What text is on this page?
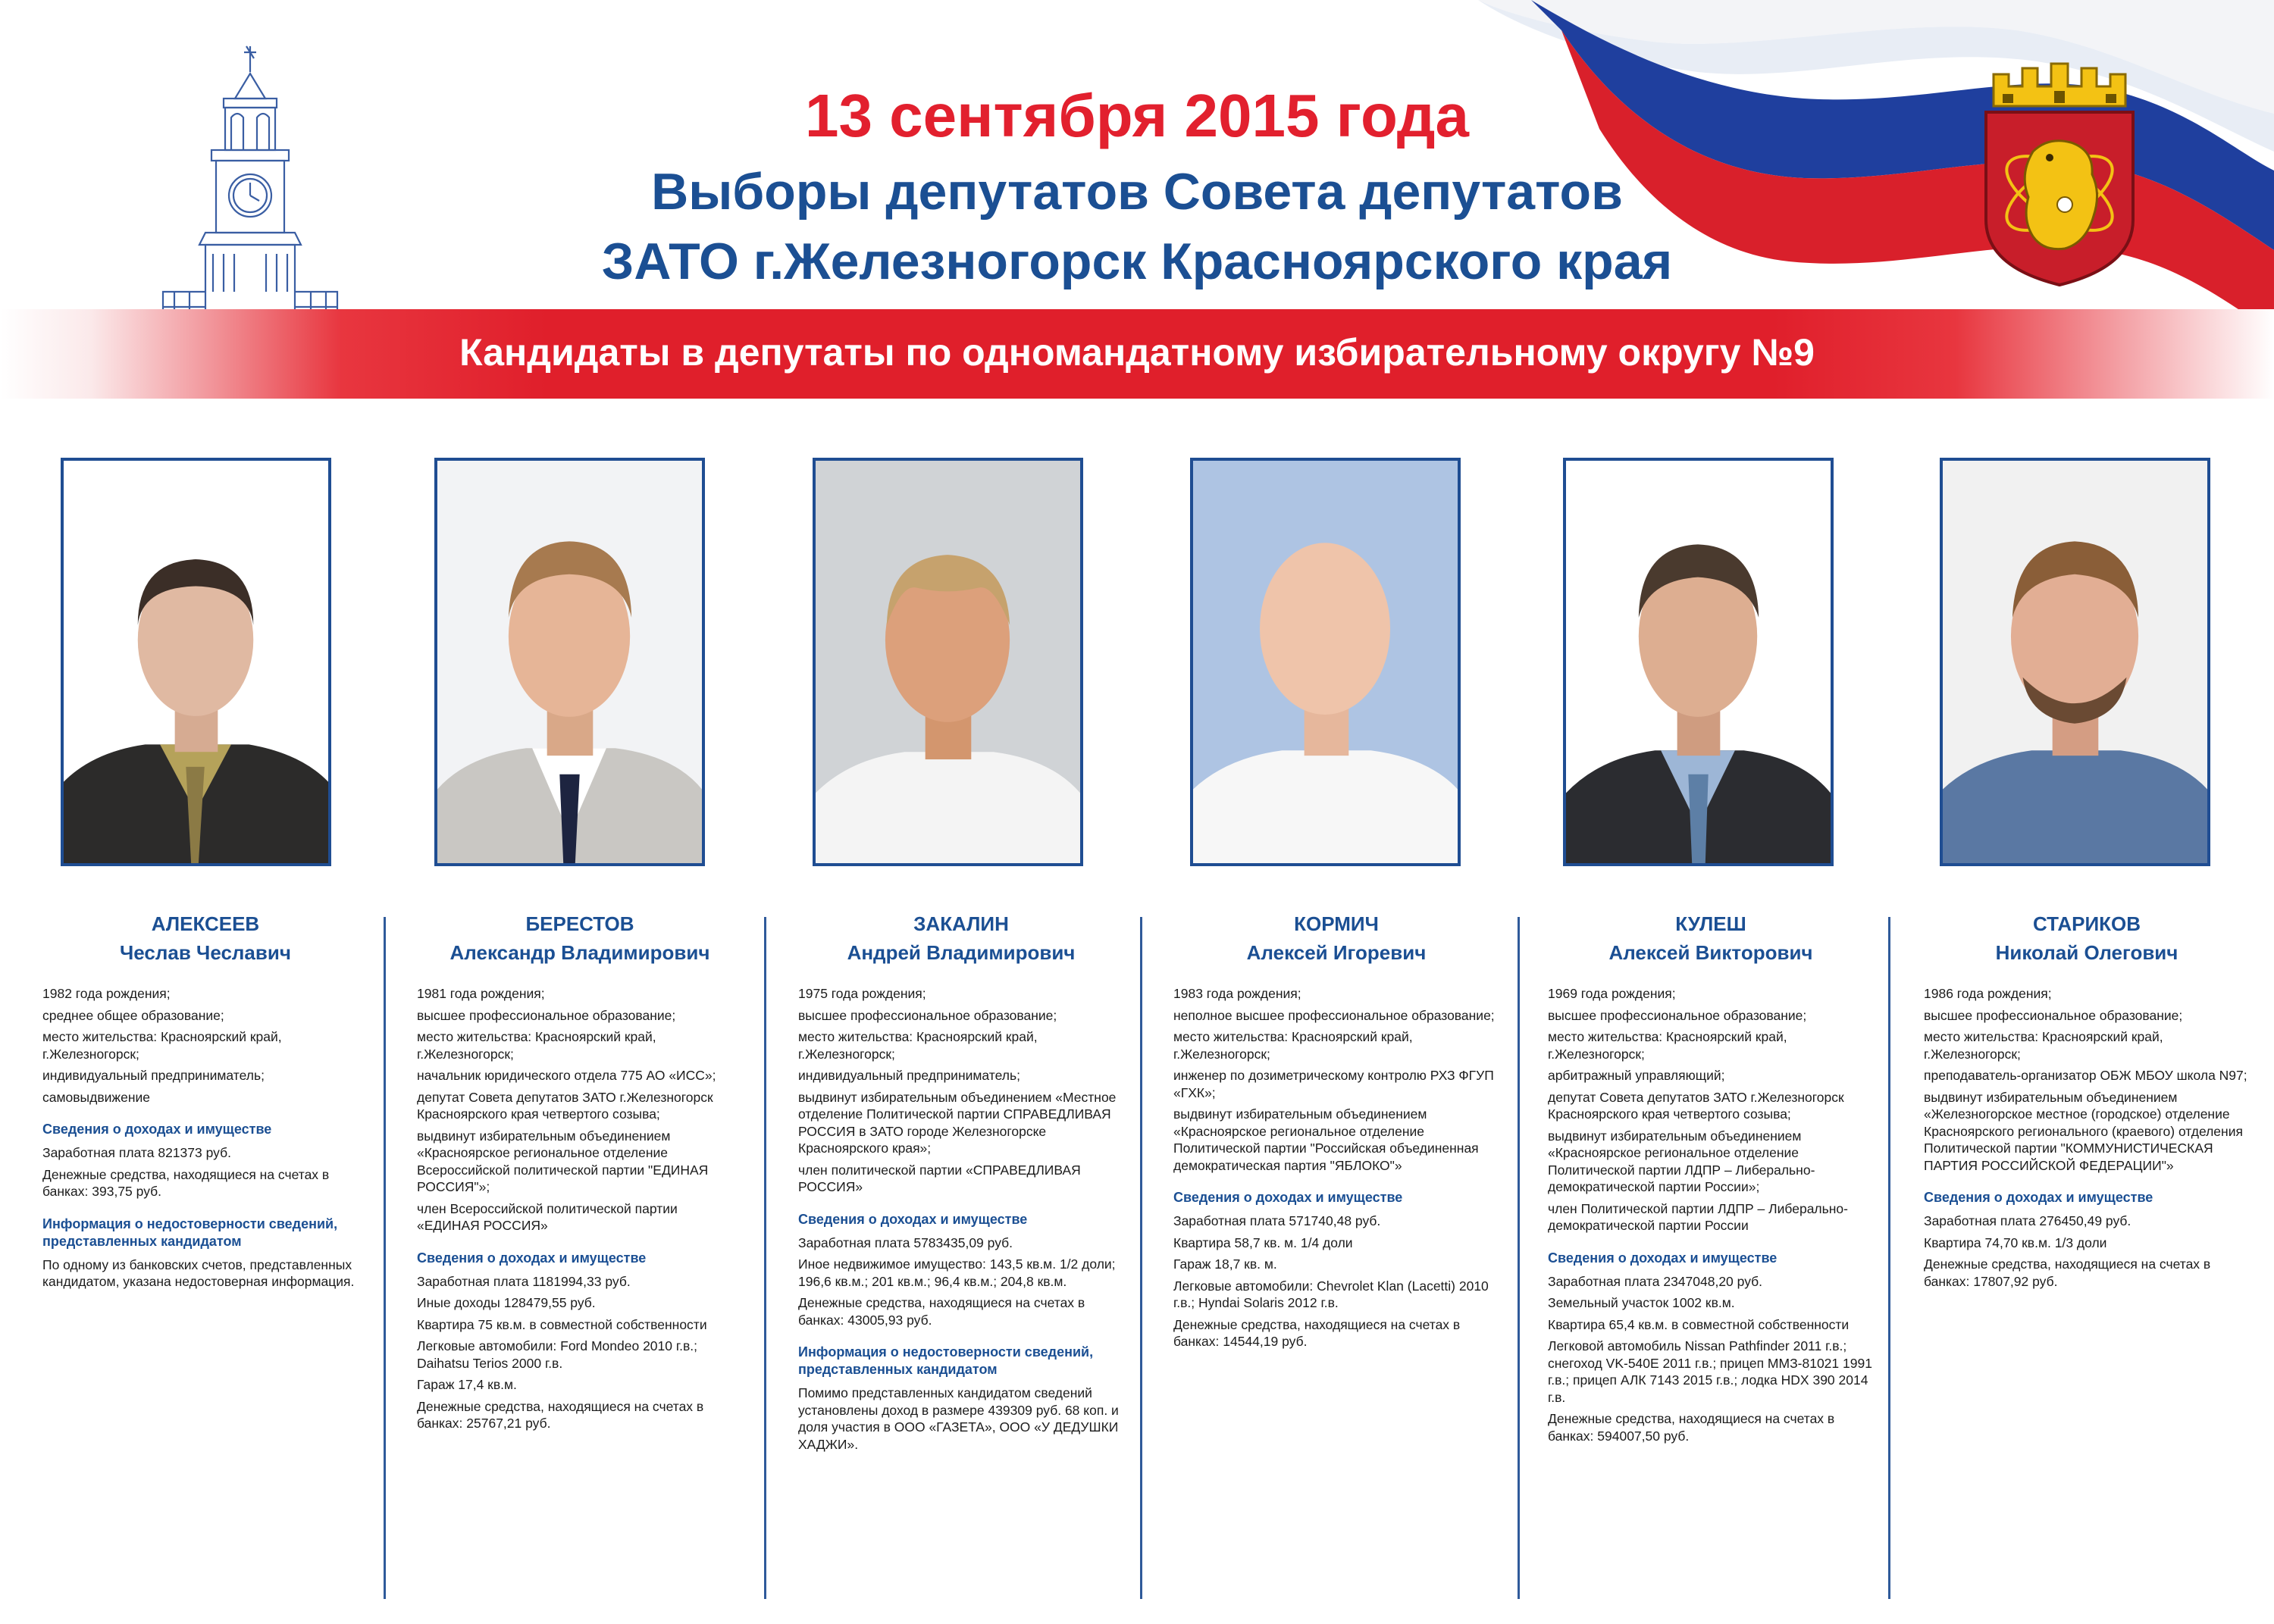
13 сентября 2015 года
Выборы депутатов Совета депутатов
ЗАТО г.Железногорск Красноярского края
Кандидаты в депутаты по одномандатному избирательному округу №9
АЛЕКСЕЕВ
Чеслав Чеславич

1982 года рождения;

среднее общее образование;

место жительства: Красноярский край, г.Железногорск;

индивидуальный предприниматель;

самовыдвижение

Сведения о доходах и имуществе

Заработная плата 821373 руб.

Денежные средства, находящиеся на счетах в банках: 393,75 руб.

Информация о недостоверности сведений, представленных кандидатом

По одному из банковских счетов, представленных кандидатом, указана недостоверная информация.

БЕРЕСТОВ
Александр Владимирович

1981 года рождения;

высшее профессиональное образование;

место жительства: Красноярский край, г.Железногорск;

начальник юридического отдела 775 АО «ИСС»;

депутат Совета депутатов ЗАТО г.Железногорск Красноярского края четвертого созыва;

выдвинут избирательным объединением «Красноярское региональное отделение Всероссийской политической партии "ЕДИНАЯ РОССИЯ"»;

член Всероссийской политической партии «ЕДИНАЯ РОССИЯ»

Сведения о доходах и имуществе

Заработная плата 1181994,33 руб.

Иные доходы 128479,55 руб.

Квартира 75 кв.м. в совместной собственности

Легковые автомобили: Ford Mondeo 2010 г.в.; Daihatsu Terios 2000 г.в.

Гараж 17,4 кв.м.

Денежные средства, находящиеся на счетах в банках: 25767,21 руб.

ЗАКАЛИН
Андрей Владимирович

1975 года рождения;

высшее профессиональное образование;

место жительства: Красноярский край, г.Железногорск;

индивидуальный предприниматель;

выдвинут избирательным объединением «Местное отделение Политической партии СПРАВЕДЛИВАЯ РОССИЯ в ЗАТО городе Железногорске Красноярского края»;

член политической партии «СПРАВЕДЛИВАЯ РОССИЯ»

Сведения о доходах и имуществе

Заработная плата 5783435,09 руб.

Иное недвижимое имущество: 143,5 кв.м. 1/2 доли; 196,6 кв.м.; 201 кв.м.; 96,4 кв.м.; 204,8 кв.м.

Денежные средства, находящиеся на счетах в банках: 43005,93 руб.

Информация о недостоверности сведений, представленных кандидатом

Помимо представленных кандидатом сведений установлены доход в размере 439309 руб. 68 коп. и доля участия в ООО «ГАЗЕТА», ООО «У ДЕДУШКИ ХАДЖИ».

КОРМИЧ
Алексей Игоревич

1983 года рождения;

неполное высшее профессиональное образование;

место жительства: Красноярский край, г.Железногорск;

инженер по дозиметрическому контролю РХЗ ФГУП «ГХК»;

выдвинут избирательным объединением «Красноярское региональное отделение Политической партии "Российская объединенная демократическая партия "ЯБЛОКО"»

Сведения о доходах и имуществе

Заработная плата 571740,48 руб.

Квартира 58,7 кв. м. 1/4 доли

Гараж 18,7 кв. м.

Легковые автомобили: Chevrolet Klan (Lacetti) 2010 г.в.; Hyndai Solaris 2012 г.в.

Денежные средства, находящиеся на счетах в банках: 14544,19 руб.

КУЛЕШ
Алексей Викторович

1969 года рождения;

высшее профессиональное образование;

место жительства: Красноярский край, г.Железногорск;

арбитражный управляющий;

депутат Совета депутатов ЗАТО г.Железногорск Красноярского края четвертого созыва;

выдвинут избирательным объединением «Красноярское региональное отделение Политической партии ЛДПР – Либерально-демократической партии России»;

член Политической партии ЛДПР – Либерально-демократической партии России

Сведения о доходах и имуществе

Заработная плата 2347048,20 руб.

Земельный участок 1002 кв.м.

Квартира 65,4 кв.м. в совместной собственности

Легковой автомобиль Nissan Pathfinder 2011 г.в.; снегоход VK-540E 2011 г.в.; прицеп ММЗ-81021 1991 г.в.; прицеп АЛК 7143 2015 г.в.; лодка HDX 390 2014 г.в.

Денежные средства, находящиеся на счетах в банках: 594007,50 руб.

СТАРИКОВ
Николай Олегович

1986 года рождения;

высшее профессиональное образование;

место жительства: Красноярский край, г.Железногорск;

преподаватель-организатор ОБЖ МБОУ школа N97;

выдвинут избирательным объединением «Железногорское местное (городское) отделение Красноярского регионального (краевого) отделения Политической партии "КОММУНИСТИЧЕСКАЯ ПАРТИЯ РОССИЙСКОЙ ФЕДЕРАЦИИ"»

Сведения о доходах и имуществе

Заработная плата 276450,49 руб.

Квартира 74,70 кв.м. 1/3 доли

Денежные средства, находящиеся на счетах в банках: 17807,92 руб.
